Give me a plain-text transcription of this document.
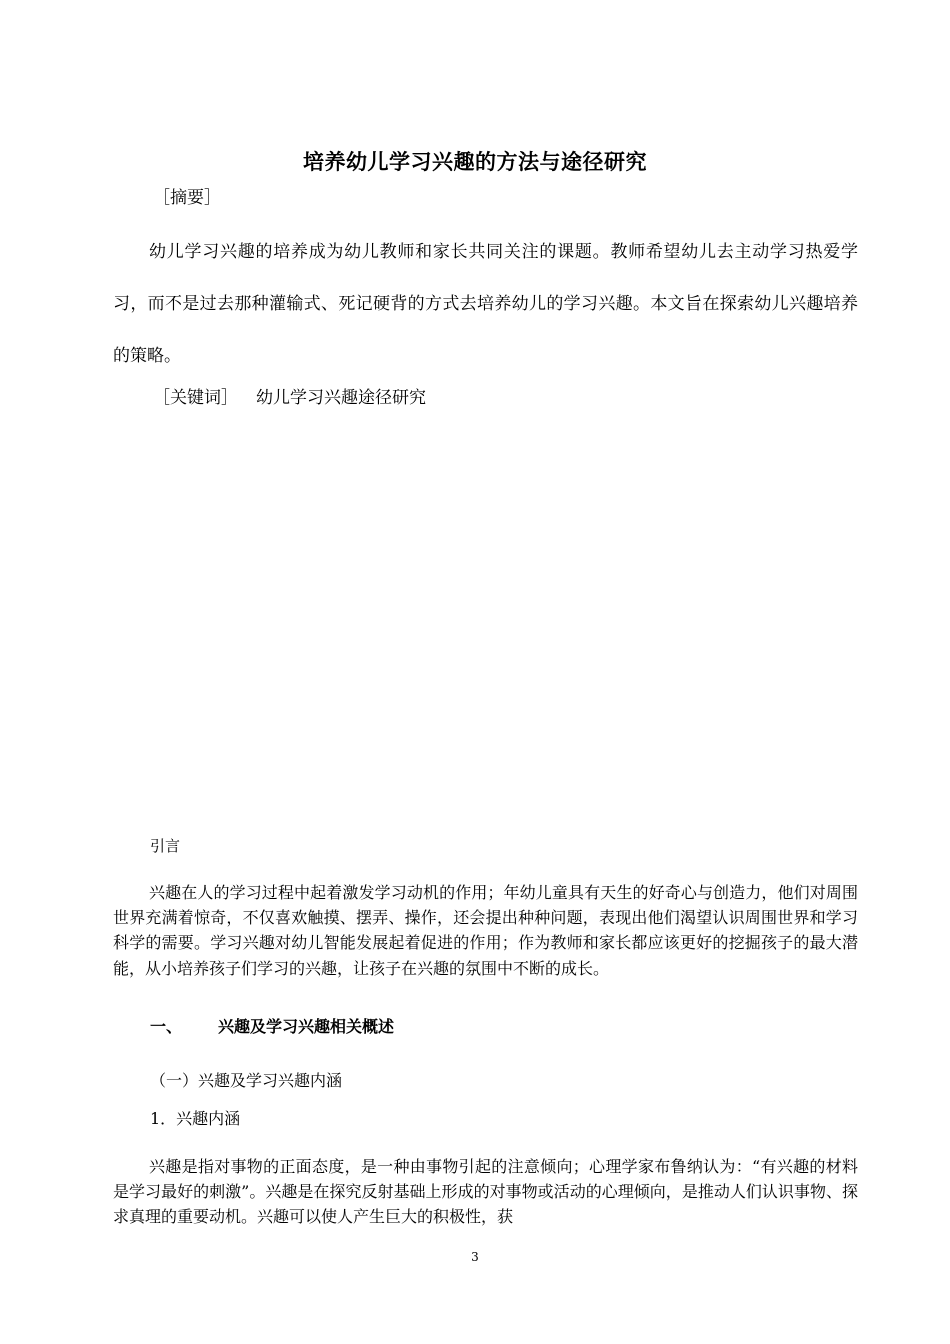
培养幼儿学习兴趣的方法与途径研究
［摘要］

幼儿学习兴趣的培养成为幼儿教师和家长共同关注的课题。教师希望幼儿去主动学习热爱学习，而不是过去那种灌输式、死记硬背的方式去培养幼儿的学习兴趣。本文旨在探索幼儿兴趣培养的策略。

［关键词］ 幼儿学习兴趣途径研究
引言

兴趣在人的学习过程中起着激发学习动机的作用；年幼儿童具有天生的好奇心与创造力，他们对周围世界充满着惊奇，不仅喜欢触摸、摆弄、操作，还会提出种种问题，表现出他们渴望认识周围世界和学习科学的需要。学习兴趣对幼儿智能发展起着促进的作用；作为教师和家长都应该更好的挖掘孩子的最大潜能，从小培养孩子们学习的兴趣，让孩子在兴趣的氛围中不断的成长。

一、 兴趣及学习兴趣相关概述
（一）兴趣及学习兴趣内涵
1．兴趣内涵

兴趣是指对事物的正面态度，是一种由事物引起的注意倾向；心理学家布鲁纳认为：“有兴趣的材料是学习最好的刺激”。兴趣是在探究反射基础上形成的对事物或活动的心理倾向，是推动人们认识事物、探求真理的重要动机。兴趣可以使人产生巨大的积极性，获

3
